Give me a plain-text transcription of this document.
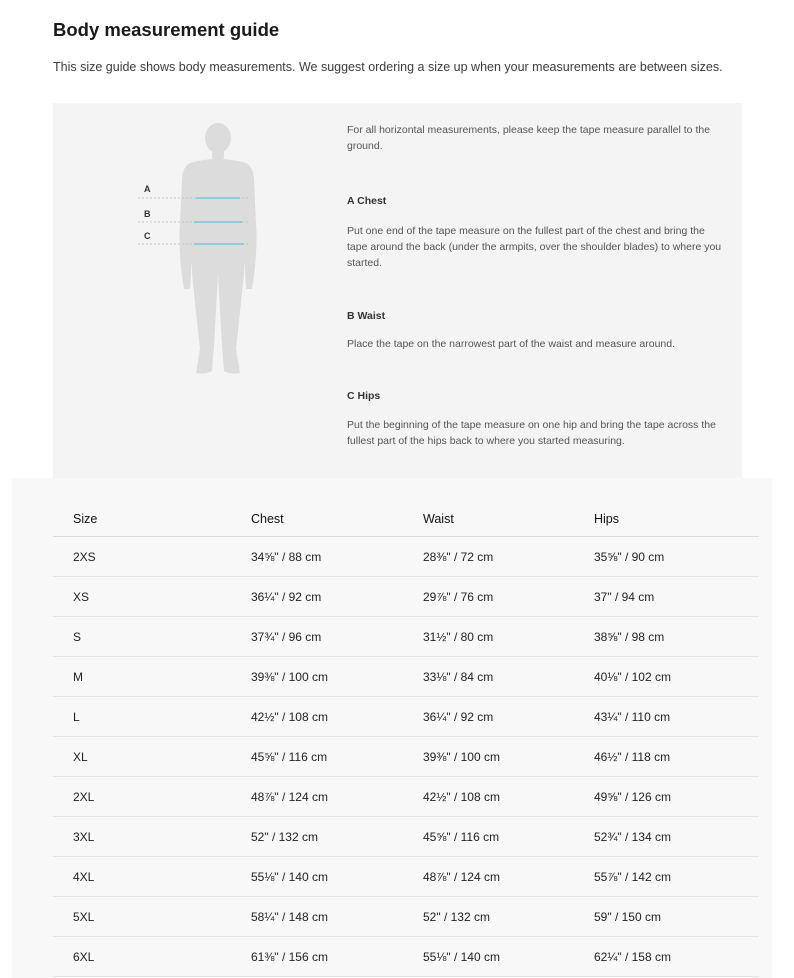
Body measurement guide

This size guide shows body measurements. We suggest ordering a size up when your measurements are between sizes.

A
B
C

For all horizontal measurements, please keep the tape measure parallel to the ground.

A Chest

Put one end of the tape measure on the fullest part of the chest and bring the tape around the back (under the armpits, over the shoulder blades) to where you started.

B Waist

Place the tape on the narrowest part of the waist and measure around.

C Hips

Put the beginning of the tape measure on one hip and bring the tape across the fullest part of the hips back to where you started measuring.

Size	Chest	Waist	Hips
2XS	34⅝" / 88 cm	28⅜" / 72 cm	35⅝" / 90 cm
XS	36¼" / 92 cm	29⅞" / 76 cm	37" / 94 cm
S	37¾" / 96 cm	31½" / 80 cm	38⅝" / 98 cm
M	39⅜" / 100 cm	33⅛" / 84 cm	40⅛" / 102 cm
L	42½" / 108 cm	36¼" / 92 cm	43¼" / 110 cm
XL	45⅝" / 116 cm	39⅜" / 100 cm	46½" / 118 cm
2XL	48⅞" / 124 cm	42½" / 108 cm	49⅝" / 126 cm
3XL	52" / 132 cm	45⅝" / 116 cm	52¾" / 134 cm
4XL	55⅛" / 140 cm	48⅞" / 124 cm	55⅞" / 142 cm
5XL	58¼" / 148 cm	52" / 132 cm	59" / 150 cm
6XL	61⅜" / 156 cm	55⅛" / 140 cm	62¼" / 158 cm
